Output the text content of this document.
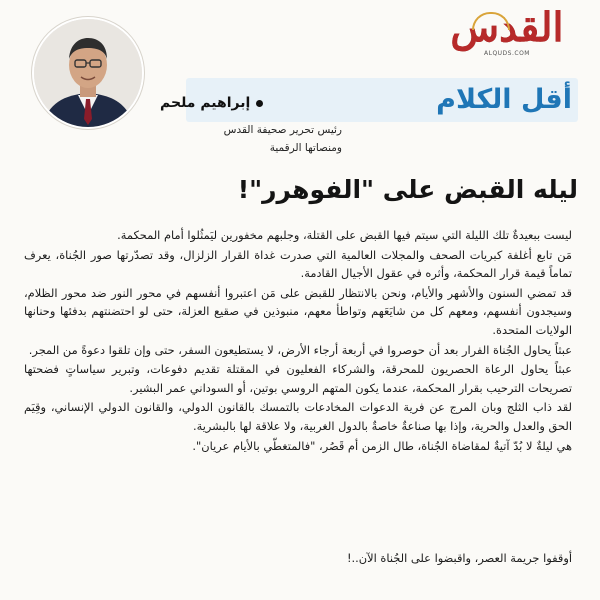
القدس
ALQUDS.COM
أقل الكلام
إبراهيم ملحم
رئيس تحرير صحيفة القدس
ومنصاتها الرقمية
ليله القبض على "الفوهرر"!

ليست ببعيدةٌ تلك الليلة التي سيتم فيها القبض على القتلة، وجلبهم مخفورين ليَمثُلوا أمام المحكمة.

مَن تابع أغلفة كبريات الصحف والمجلات العالمية التي صدرت غداة القرار الزلزال، وقد تصدّرتها صور الجُناة، يعرف تماماً قيمة قرار المحكمة، وأثره في عقول الأجيال القادمة.

قد تمضي السنون والأشهر والأيام، ونحن بالانتظار للقبض على مَن اعتبروا أنفسهم في محور النور ضد محور الظلام، وسيجدون أنفسهم، ومعهم كل من شايَعَهم وتواطأ معهم، منبوذين في صقيع العزلة، حتى لو احتضنتهم بدفئها وحنانها الولايات المتحدة.

عبثاً يحاول الجُناة الفرار بعد أن حوصروا في أربعة أرجاء الأرض، لا يستطيعون السفر، حتى وإن تلقوا دعوةً من المجر.

عبثاً يحاول الرعاة الحصريون للمحرقة، والشركاء الفعليون في المقتلة تقديم دفوعات، وتبرير سياساتٍ فضحتها تصريحات الترحيب بقرار المحكمة، عندما يكون المتهم الروسي بوتين، أو السوداني عمر البشير.

لقد ذاب الثلج وبان المرج عن فرية الدعوات المخادعات بالتمسك بالقانون الدولي، والقانون الدولي الإنساني، وقِيَم الحق والعدل والحرية، وإذا بها صناعةٌ خاصةٌ بالدول الغربية، ولا علاقة لها بالبشرية.

هي ليلةٌ لا بُدّ آتيةٌ لمقاضاة الجُناة، طال الزمن أم قَصُر، "فالمتغطّي بالأيام عريان".

أوقفوا جريمة العصر، واقبضوا على الجُناة الآن..!
